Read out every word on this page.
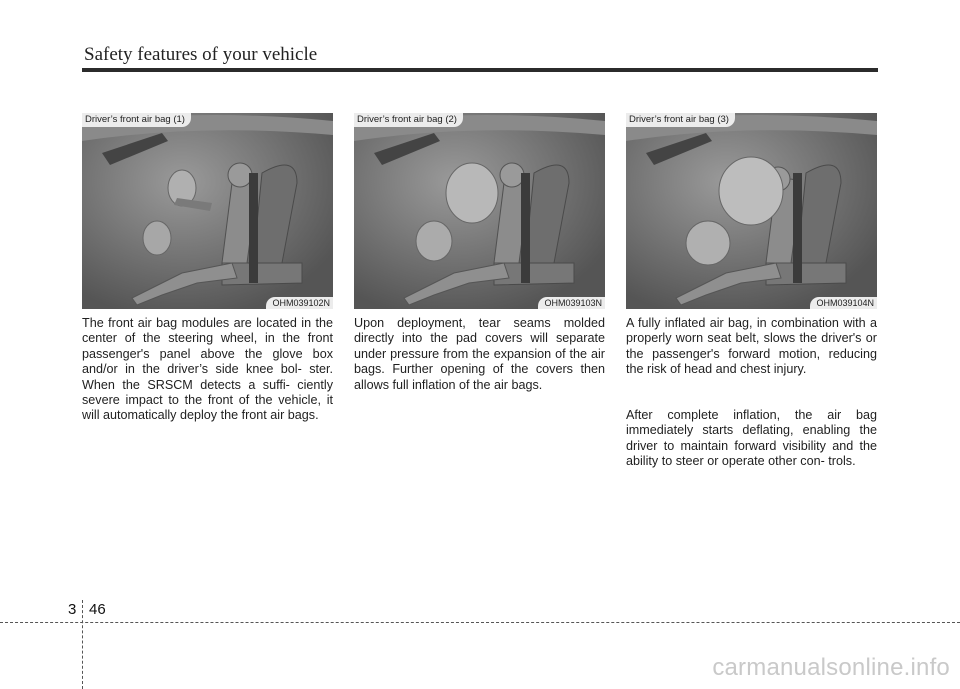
Safety features of your vehicle
Driver’s front air bag (1)
OHM039102N
Driver’s front air bag (2)
OHM039103N
Driver’s front air bag (3)
OHM039104N

The front air bag modules are located in the center of the steering wheel, in the front passenger's panel above the glove box and/or in the driver’s side knee bol- ster. When the SRSCM detects a suffi- ciently severe impact to the front of the vehicle, it will automatically deploy the front air bags.

Upon deployment, tear seams molded directly into the pad covers will separate under pressure from the expansion of the air bags. Further opening of the covers then allows full inflation of the air bags.

A fully inflated air bag, in combination with a properly worn seat belt, slows the driver's or the passenger's forward motion, reducing the risk of head and chest injury.

After complete inflation, the air bag immediately starts deflating, enabling the driver to maintain forward visibility and the ability to steer or operate other con- trols.

3 46
carmanualsonline.info
